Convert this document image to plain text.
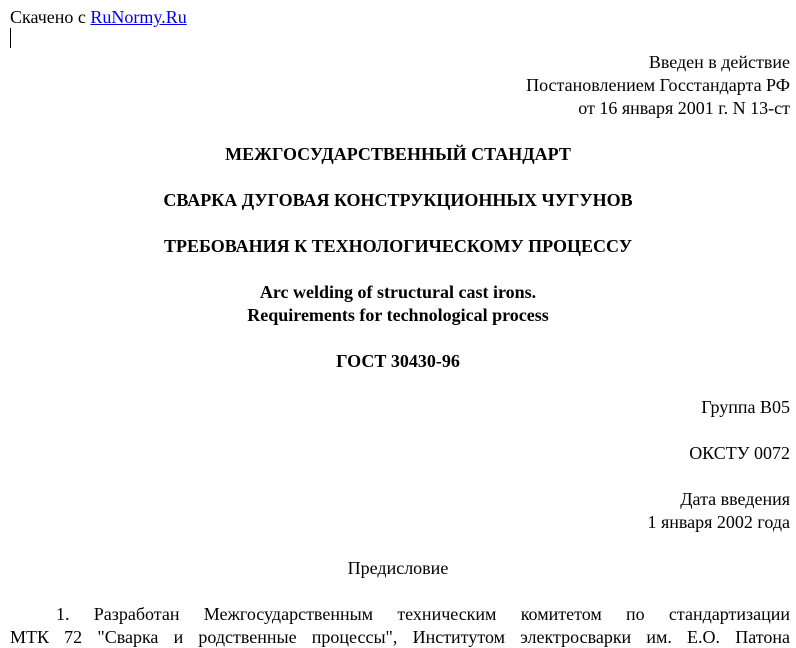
Скачено с RuNormy.Ru
Введен в действие
Постановлением Госстандарта РФ
от 16 января 2001 г. N 13-ст
МЕЖГОСУДАРСТВЕННЫЙ СТАНДАРТ
СВАРКА ДУГОВАЯ КОНСТРУКЦИОННЫХ ЧУГУНОВ
ТРЕБОВАНИЯ К ТЕХНОЛОГИЧЕСКОМУ ПРОЦЕССУ
Arc welding of structural cast irons.
Requirements for technological process
ГОСТ 30430-96
Группа В05
ОКСТУ 0072
Дата введения
1 января 2002 года
Предисловие
1. Разработан Межгосударственным техническим комитетом по стандартизации
МТК 72 "Сварка и родственные процессы", Институтом электросварки им. Е.О. Патона
